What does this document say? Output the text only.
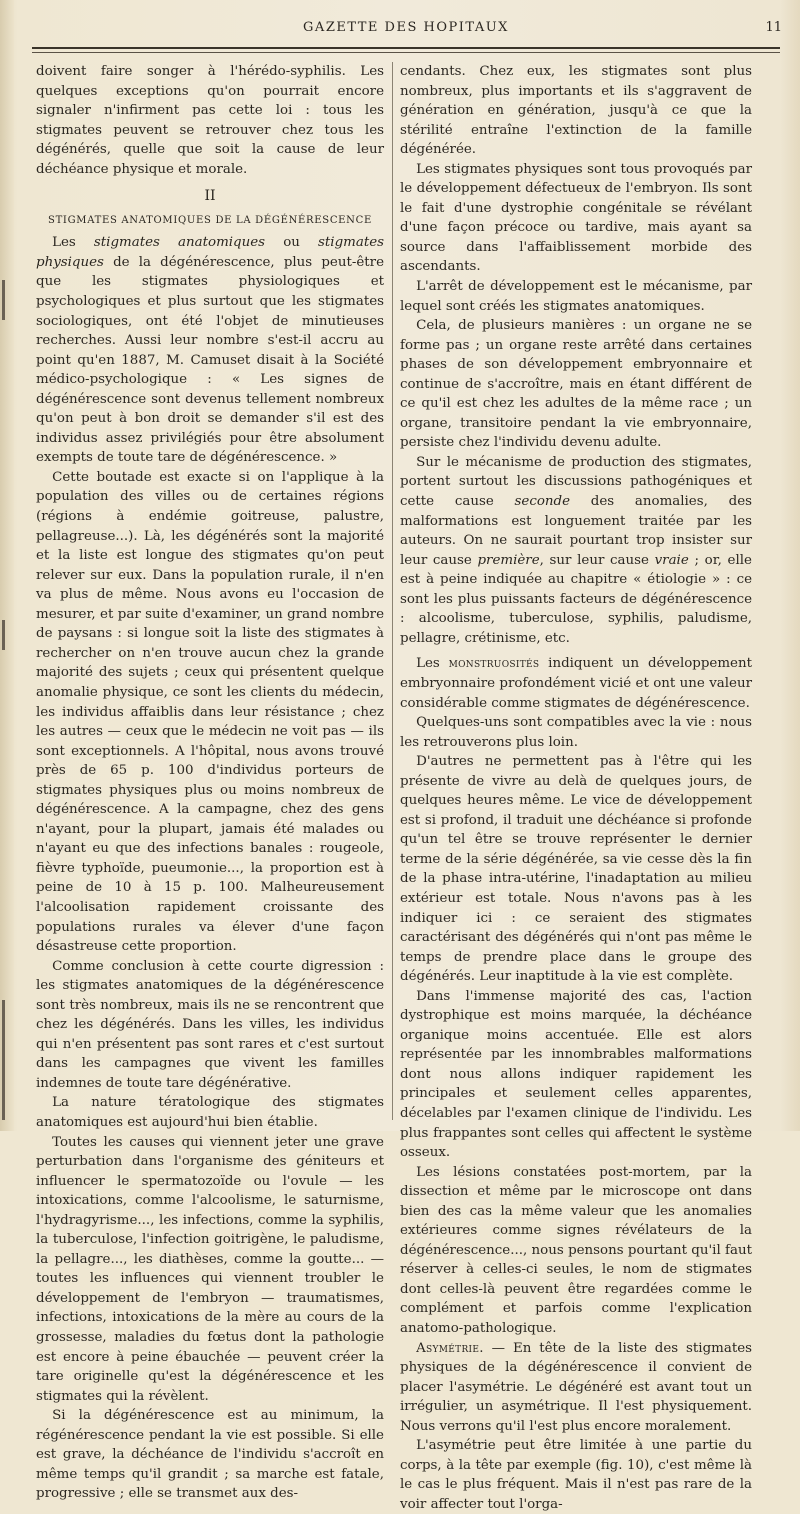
GAZETTE DES HOPITAUX	11

doivent faire songer à l'hérédo-syphilis. Les quelques exceptions qu'on pourrait encore signaler n'infirment pas cette loi : tous les stigmates peuvent se retrouver chez tous les dégénérés, quelle que soit la cause de leur déchéance physique et morale.

II
STIGMATES ANATOMIQUES DE LA DÉGÉNÉRESCENCE

Les stigmates anatomiques ou stigmates physiques de la dégénérescence, plus peut-être que les stigmates physiologiques et psychologiques et plus surtout que les stigmates sociologiques, ont été l'objet de minutieuses recherches. Aussi leur nombre s'est-il accru au point qu'en 1887, M. Camuset disait à la Société médico-psychologique : « Les signes de dégénérescence sont devenus tellement nombreux qu'on peut à bon droit se demander s'il est des individus assez privilégiés pour être absolument exempts de toute tare de dégénérescence. »

Cette boutade est exacte si on l'applique à la population des villes ou de certaines régions (régions à endémie goitreuse, palustre, pellagreuse...). Là, les dégénérés sont la majorité et la liste est longue des stigmates qu'on peut relever sur eux. Dans la population rurale, il n'en va plus de même. Nous avons eu l'occasion de mesurer, et par suite d'examiner, un grand nombre de paysans : si longue soit la liste des stigmates à rechercher on n'en trouve aucun chez la grande majorité des sujets ; ceux qui présentent quelque anomalie physique, ce sont les clients du médecin, les individus affaiblis dans leur résistance ; chez les autres — ceux que le médecin ne voit pas — ils sont exceptionnels. A l'hôpital, nous avons trouvé près de 65 p. 100 d'individus porteurs de stigmates physiques plus ou moins nombreux de dégénérescence. A la campagne, chez des gens n'ayant, pour la plupart, jamais été malades ou n'ayant eu que des infections banales : rougeole, fièvre typhoïde, pueumonie..., la proportion est à peine de 10 à 15 p. 100. Malheureusement l'alcoolisation rapidement croissante des populations rurales va élever d'une façon désastreuse cette proportion.

Comme conclusion à cette courte digression : les stigmates anatomiques de la dégénérescence sont très nombreux, mais ils ne se rencontrent que chez les dégénérés. Dans les villes, les individus qui n'en présentent pas sont rares et c'est surtout dans les campagnes que vivent les familles indemnes de toute tare dégénérative.

La nature tératologique des stigmates anatomiques est aujourd'hui bien établie.

Toutes les causes qui viennent jeter une grave perturbation dans l'organisme des géniteurs et influencer le spermatozoïde ou l'ovule — les intoxications, comme l'alcoolisme, le saturnisme, l'hydragyrisme..., les infections, comme la syphilis, la tuberculose, l'infection goitrigène, le paludisme, la pellagre..., les diathèses, comme la goutte... — toutes les influences qui viennent troubler le développement de l'embryon — traumatismes, infections, intoxications de la mère au cours de la grossesse, maladies du fœtus dont la pathologie est encore à peine ébauchée — peuvent créer la tare originelle qu'est la dégénérescence et les stigmates qui la révèlent.

Si la dégénérescence est au minimum, la régénérescence pendant la vie est possible. Si elle est grave, la déchéance de l'individu s'accroît en même temps qu'il grandit ; sa marche est fatale, progressive ; elle se transmet aux des-

cendants. Chez eux, les stigmates sont plus nombreux, plus importants et ils s'aggravent de génération en génération, jusqu'à ce que la stérilité entraîne l'extinction de la famille dégénérée.

Les stigmates physiques sont tous provoqués par le développement défectueux de l'embryon. Ils sont le fait d'une dystrophie congénitale se révélant d'une façon précoce ou tardive, mais ayant sa source dans l'affaiblissement morbide des ascendants.

L'arrêt de développement est le mécanisme, par lequel sont créés les stigmates anatomiques.

Cela, de plusieurs manières : un organe ne se forme pas ; un organe reste arrêté dans certaines phases de son développement embryonnaire et continue de s'accroître, mais en étant différent de ce qu'il est chez les adultes de la même race ; un organe, transitoire pendant la vie embryonnaire, persiste chez l'individu devenu adulte.

Sur le mécanisme de production des stigmates, portent surtout les discussions pathogéniques et cette cause seconde des anomalies, des malformations est longuement traitée par les auteurs. On ne saurait pourtant trop insister sur leur cause première, sur leur cause vraie ; or, elle est à peine indiquée au chapitre « étiologie » : ce sont les plus puissants facteurs de dégénérescence : alcoolisme, tuberculose, syphilis, paludisme, pellagre, crétinisme, etc.

Les monstruosités indiquent un développement embryonnaire profondément vicié et ont une valeur considérable comme stigmates de dégénérescence.

Quelques-uns sont compatibles avec la vie : nous les retrouverons plus loin.

D'autres ne permettent pas à l'être qui les présente de vivre au delà de quelques jours, de quelques heures même. Le vice de développement est si profond, il traduit une déchéance si profonde qu'un tel être se trouve représenter le dernier terme de la série dégénérée, sa vie cesse dès la fin de la phase intra-utérine, l'inadaptation au milieu extérieur est totale. Nous n'avons pas à les indiquer ici : ce seraient des stigmates caractérisant des dégénérés qui n'ont pas même le temps de prendre place dans le groupe des dégénérés. Leur inaptitude à la vie est complète.

Dans l'immense majorité des cas, l'action dystrophique est moins marquée, la déchéance organique moins accentuée. Elle est alors représentée par les innombrables malformations dont nous allons indiquer rapidement les principales et seulement celles apparentes, décelables par l'examen clinique de l'individu. Les plus frappantes sont celles qui affectent le système osseux.

Les lésions constatées post-mortem, par la dissection et même par le microscope ont dans bien des cas la même valeur que les anomalies extérieures comme signes révélateurs de la dégénérescence..., nous pensons pourtant qu'il faut réserver à celles-ci seules, le nom de stigmates dont celles-là peuvent être regardées comme le complément et parfois comme l'explication anatomo-pathologique.

Asymétrie. — En tête de la liste des stigmates physiques de la dégénérescence il convient de placer l'asymétrie. Le dégénéré est avant tout un irrégulier, un asymétrique. Il l'est physiquement. Nous verrons qu'il l'est plus encore moralement.

L'asymétrie peut être limitée à une partie du corps, à la tête par exemple (fig. 10), c'est même là le cas le plus fréquent. Mais il n'est pas rare de la voir affecter tout l'orga-
